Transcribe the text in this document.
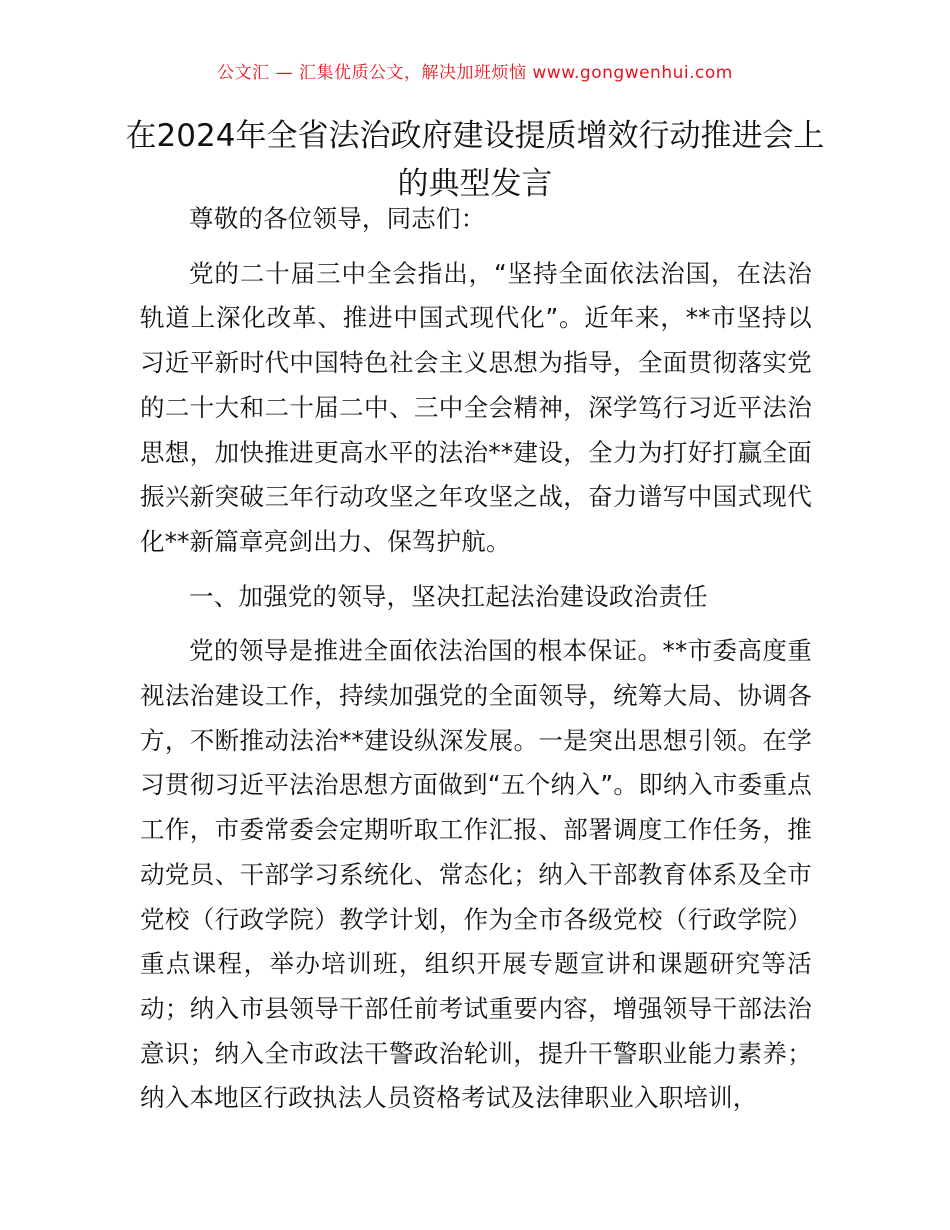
公文汇 — 汇集优质公文，解决加班烦恼 www.gongwenhui.com
在2024年全省法治政府建设提质增效行动推进会上的典型发言

尊敬的各位领导，同志们：

党的二十届三中全会指出，“坚持全面依法治国，在法治轨道上深化改革、推进中国式现代化”。近年来，**市坚持以习近平新时代中国特色社会主义思想为指导，全面贯彻落实党的二十大和二十届二中、三中全会精神，深学笃行习近平法治思想，加快推进更高水平的法治**建设，全力为打好打赢全面振兴新突破三年行动攻坚之年攻坚之战，奋力谱写中国式现代化**新篇章亮剑出力、保驾护航。

一、加强党的领导，坚决扛起法治建设政治责任

党的领导是推进全面依法治国的根本保证。**市委高度重视法治建设工作，持续加强党的全面领导，统筹大局、协调各方，不断推动法治**建设纵深发展。一是突出思想引领。在学习贯彻习近平法治思想方面做到“五个纳入”。即纳入市委重点工作，市委常委会定期听取工作汇报、部署调度工作任务，推动党员、干部学习系统化、常态化；纳入干部教育体系及全市党校（行政学院）教学计划，作为全市各级党校（行政学院）重点课程，举办培训班，组织开展专题宣讲和课题研究等活动；纳入市县领导干部任前考试重要内容，增强领导干部法治意识；纳入全市政法干警政治轮训，提升干警职业能力素养；纳入本地区行政执法人员资格考试及法律职业入职培训，
